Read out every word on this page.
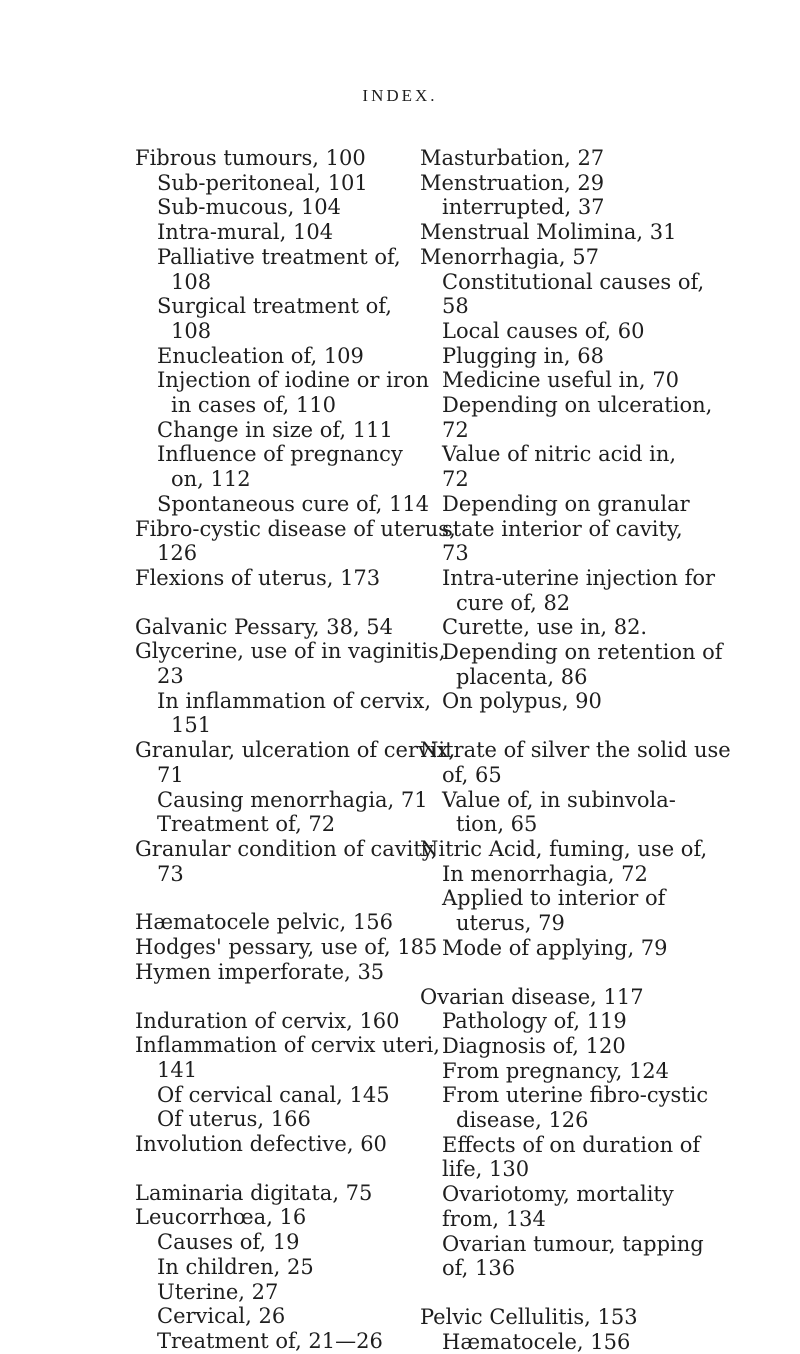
INDEX.
Fibrous tumours, 100
Sub-peritoneal, 101
Sub-mucous, 104
Intra-mural, 104
Palliative treatment of,
108
Surgical treatment of,
108
Enucleation of, 109
Injection of iodine or iron
in cases of, 110
Change in size of, 111
Influence of pregnancy
on, 112
Spontaneous cure of, 114
Fibro-cystic disease of uterus,
126
Flexions of uterus, 173
Galvanic Pessary, 38, 54
Glycerine, use of in vaginitis,
23
In inflammation of cervix,
151
Granular, ulceration of cervix,
71
Causing menorrhagia, 71
Treatment of, 72
Granular condition of cavity,
73
Hæmatocele pelvic, 156
Hodges' pessary, use of, 185
Hymen imperforate, 35
Induration of cervix, 160
Inflammation of cervix uteri,
141
Of cervical canal, 145
Of uterus, 166
Involution defective, 60
Laminaria digitata, 75
Leucorrhœa, 16
Causes of, 19
In children, 25
Uterine, 27
Cervical, 26
Treatment of, 21—26
Masturbation, 27
Menstruation, 29
interrupted, 37
Menstrual Molimina, 31
Menorrhagia, 57
Constitutional causes of,
58
Local causes of, 60
Plugging in, 68
Medicine useful in, 70
Depending on ulceration,
72
Value of nitric acid in,
72
Depending on granular
state interior of cavity,
73
Intra-uterine injection for
cure of, 82
Curette, use in, 82.
Depending on retention of
placenta, 86
On polypus, 90
Nitrate of silver the solid use
of, 65
Value of, in subinvola-
tion, 65
Nitric Acid, fuming, use of,
In menorrhagia, 72
Applied to interior of
uterus, 79
Mode of applying, 79
Ovarian disease, 117
Pathology of, 119
Diagnosis of, 120
From pregnancy, 124
From uterine fibro-cystic
disease, 126
Effects of on duration of
life, 130
Ovariotomy, mortality
from, 134
Ovarian tumour, tapping
of, 136
Pelvic Cellulitis, 153
Hæmatocele, 156
